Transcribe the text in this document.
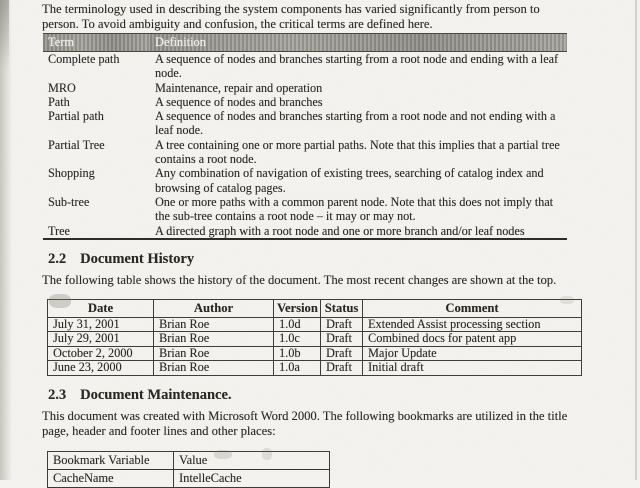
The terminology used in describing the system components has varied significantly from person to person. To avoid ambiguity and confusion, the critical terms are defined here.

Term	Definition
Complete path	A sequence of nodes and branches starting from a root node and ending with a leaf node.
MRO	Maintenance, repair and operation
Path	A sequence of nodes and branches
Partial path	A sequence of nodes and branches starting from a root node and not ending with a leaf node.
Partial Tree	A tree containing one or more partial paths. Note that this implies that a partial tree contains a root node.
Shopping	Any combination of navigation of existing trees, searching of catalog index and browsing of catalog pages.
Sub-tree	One or more paths with a common parent node. Note that this does not imply that the sub-tree contains a root node – it may or may not.
Tree	A directed graph with a root node and one or more branch and/or leaf nodes
2.2 Document History

The following table shows the history of the document. The most recent changes are shown at the top.

Date	Author	Version	Status	Comment
July 31, 2001	Brian Roe	1.0d	Draft	Extended Assist processing section
July 29, 2001	Brian Roe	1.0c	Draft	Combined docs for patent app
October 2, 2000	Brian Roe	1.0b	Draft	Major Update
June 23, 2000	Brian Roe	1.0a	Draft	Initial draft
2.3 Document Maintenance.

This document was created with Microsoft Word 2000. The following bookmarks are utilized in the title page, header and footer lines and other places:

Bookmark Variable	Value
CacheName	IntelleCache
